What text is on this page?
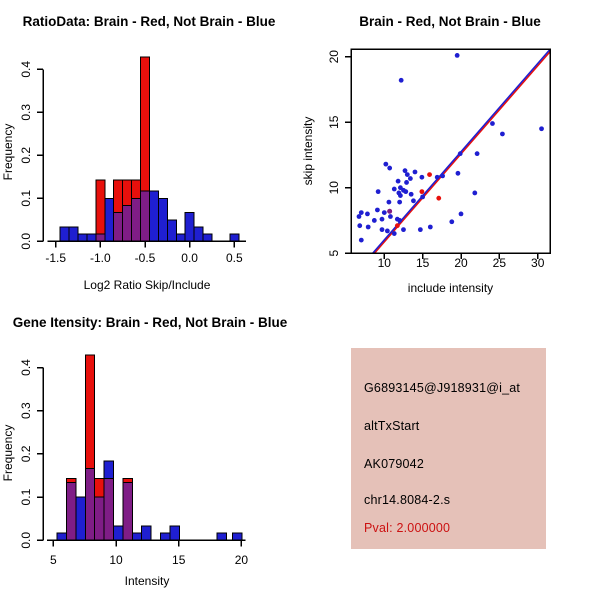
-1.5 -1.0 -0.5 0.0 0.5
0.0
0.1
0.2
0.3
0.4
Log2 Ratio Skip/Include
Frequency
RatioData: Brain - Red, Not Brain - Blue
10 15 20 25 30
5
10
15
20
include intensity
skip intensity
Brain - Red, Not Brain - Blue
5	10	15	20
0.0
0.1
0.2
0.3
0.4
Intensity
Frequency
Gene Itensity: Brain - Red, Not Brain - Blue
G6893145@J918931@i_at
altTxStart
AK079042
chr14.8084-2.s
Pval: 2.000000
